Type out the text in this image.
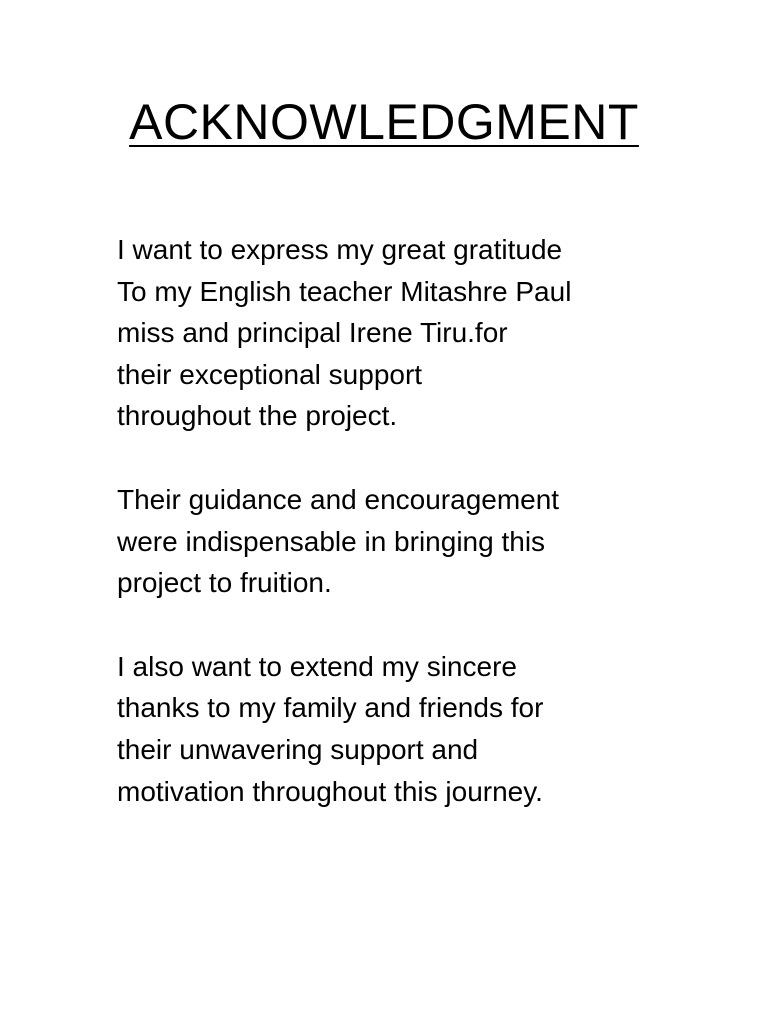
ACKNOWLEDGMENT

I want to express my great gratitude
To my English teacher Mitashre Paul
miss and principal Irene Tiru.for
their exceptional support
throughout the project.

Their guidance and encouragement
were indispensable in bringing this
project to fruition.

I also want to extend my sincere
thanks to my family and friends for
their unwavering support and
motivation throughout this journey.
